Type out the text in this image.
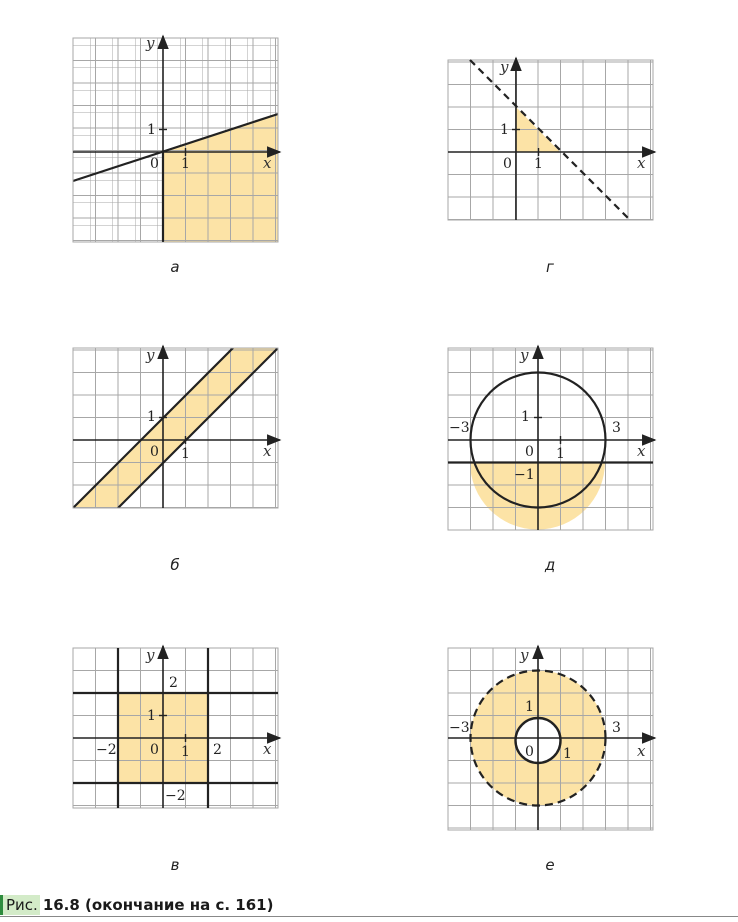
x
y
0 1
1
x
y
0 1
1
x
y
0 1
1
x
y
0 1
1
−3	3
−1
x
y
0 1
1
2
−2
−2	2	x
y
0 1
1
−3	3
а	г
б	д
в	е
Рис. 16.8 (окончание на с. 161)
